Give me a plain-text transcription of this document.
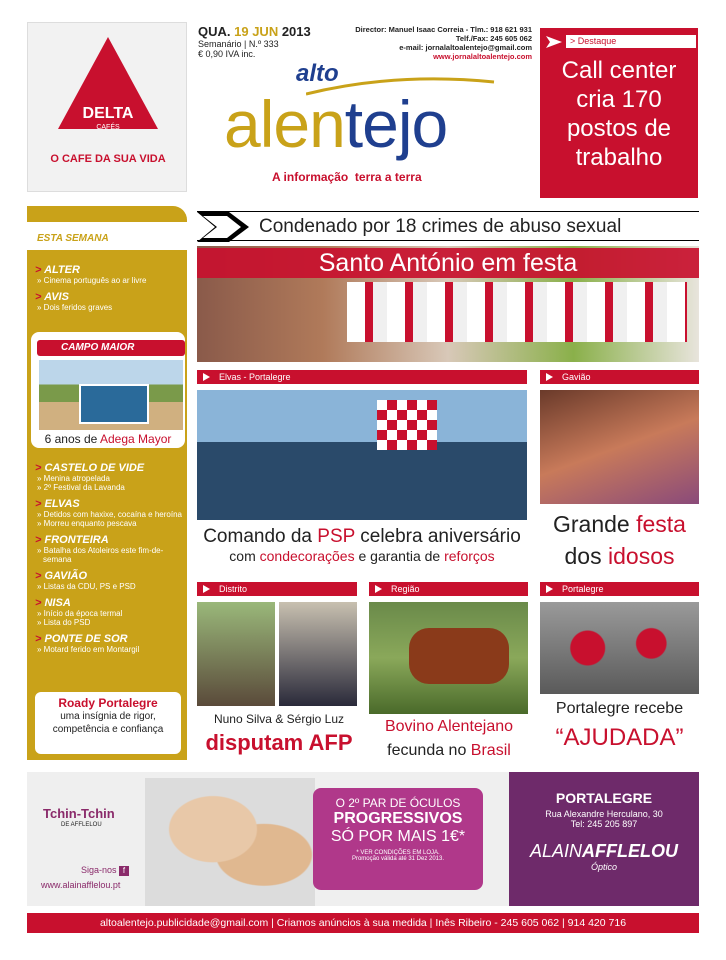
DELTA
CAFÉS
O CAFE DA SUA VIDA
QUA. 19 JUN 2013
Semanário | N.º 333
€ 0,90 IVA inc.
Director: Manuel Isaac Correia - Tlm.: 918 621 931
Telf./Fax: 245 605 062
e-mail: jornalaltoalentejo@gmail.com
www.jornalaltoalentejo.com
alto
alentejo
A informação  terra a terra
> Destaque
Call center cria 170 postos de trabalho
ESTA SEMANA
> ALTER
» Cinema português ao ar livre
> AVIS
» Dois feridos graves
CAMPO MAIOR
6 anos de Adega Mayor
> CASTELO DE VIDE
» Menina atropelada
» 2º Festival da Lavanda
> ELVAS
» Detidos com haxixe, cocaína e heroína
» Morreu enquanto pescava
> FRONTEIRA
» Batalha dos Atoleiros este fim-de-semana
> GAVIÃO
» Listas da CDU, PS e PSD
> NISA
» Início da época termal
» Lista do PSD
> PONTE DE SOR
» Motard ferido em Montargil
Roady Portalegre
uma insígnia de rigor, competência e confiança
Condenado por 18 crimes de abuso sexual
Santo António em festa
Elvas - Portalegre
Comando da PSP celebra aniversário
com condecorações e garantia de reforços
Gavião
Grande festa
dos idosos
Distrito
Nuno Silva & Sérgio Luz
disputam AFP
Região
Bovino Alentejano
fecunda no Brasil
Portalegre
Portalegre recebe
“AJUDADA”
Tchin-Tchin
DE AFFLELOU
Siga-nos f
www.alainafflelou.pt
O 2º PAR DE ÓCULOS
PROGRESSIVOS
SÓ POR MAIS 1€*
* VER CONDIÇÕES EM LOJA.
Promoção válida até 31 Dez 2013.
PORTALEGRE
Rua Alexandre Herculano, 30
Tel: 245 205 897
ALAINAFFLELOU
Óptico
altoalentejo.publicidade@gmail.com | Criamos anúncios à sua medida | Inês Ribeiro - 245 605 062 | 914 420 716
